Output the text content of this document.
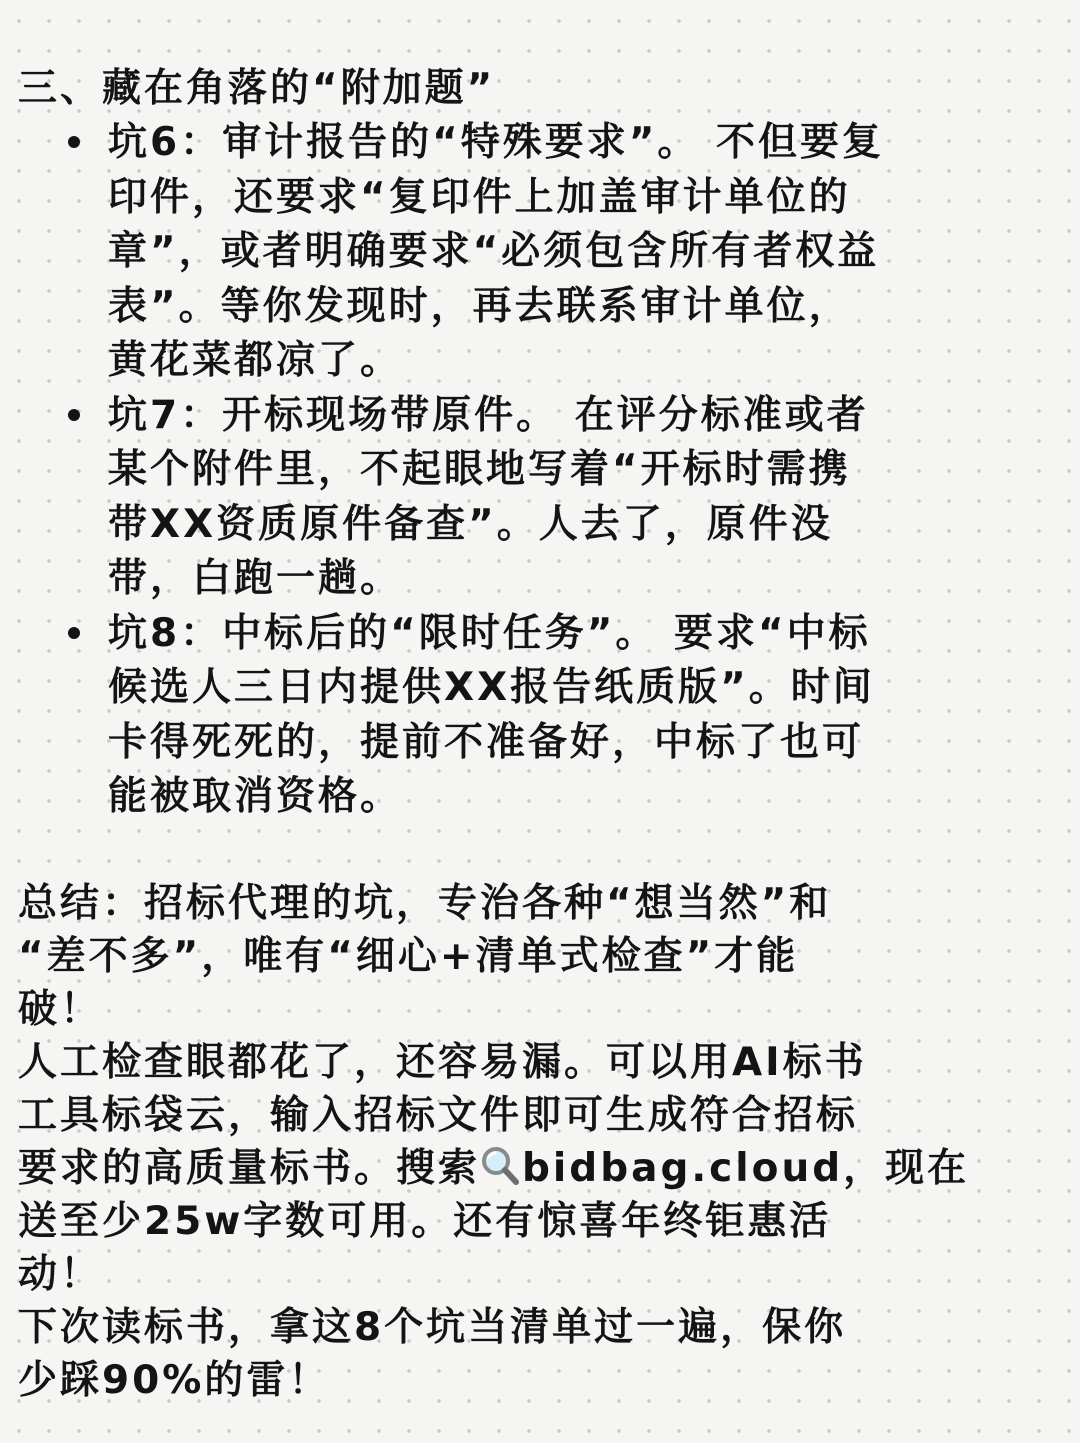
三、藏在角落的“附加题”
坑6：审计报告的“特殊要求”。 不但要复
印件，还要求“复印件上加盖审计单位的
章”，或者明确要求“必须包含所有者权益
表”。等你发现时，再去联系审计单位，
黄花菜都凉了。
坑7：开标现场带原件。 在评分标准或者
某个附件里，不起眼地写着“开标时需携
带XX资质原件备查”。人去了，原件没
带，白跑一趟。
坑8：中标后的“限时任务”。 要求“中标
候选人三日内提供XX报告纸质版”。时间
卡得死死的，提前不准备好，中标了也可
能被取消资格。
总结：招标代理的坑，专治各种“想当然”和
“差不多”，唯有“细心+清单式检查”才能
破！
人工检查眼都花了，还容易漏。可以用AI标书
工具标袋云，输入招标文件即可生成符合招标
要求的高质量标书。搜索 bidbag.cloud，现在
送至少25w字数可用。还有惊喜年终钜惠活
动！
下次读标书，拿这8个坑当清单过一遍，保你
少踩90%的雷！
